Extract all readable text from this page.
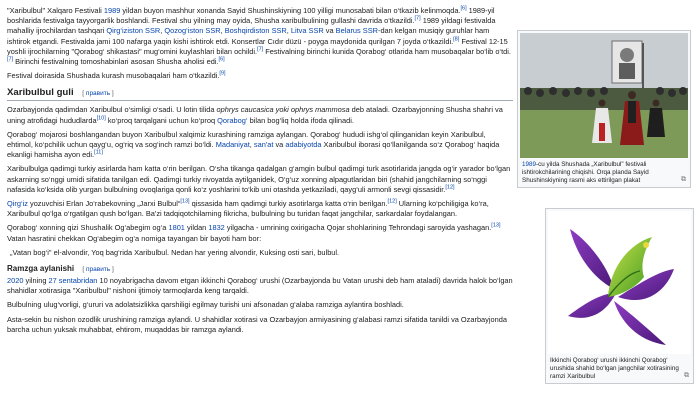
"Xaribulbul" Xalqaro Festivali 1989 yildan buyon mashhur xonanda Sayid Shushinskiyning 100 yilligi munosabati bilan o‘tkazib kelinmoqda.[6] 1989-yil boshlarida festivalga tayyorgarlik boshlandi. Festival shu yilning may oyida, Shusha xaribulbulining gullashi davrida o‘tkazildi.[7] 1989 yildagi festivalda mahalliy ijrochilardan tashqari Qirg‘iziston SSR, Qozog‘iston SSR, Boshqirdiston SSR, Litva SSR va Belarus SSR-dan kelgan musiqiy guruhlar ham ishtirok etgandi. Festivalda jami 100 nafarga yaqin kishi ishtirok etdi. Konsertlar Cıdır düzü - poyga maydonida qurilgan 7 joyda o‘tkazildi.[8] Festival 12-15 yoshli ijrochilarning "Qorabog‘ shikastasi" mug‘omini kuylashlari bilan ochildi.[7] Festivalning birinchi kunida Qorabog‘ otlarida ham musobaqalar bo‘lib o‘tdi.[7] Birinchi festivalning tomoshabinlari asosan Shusha aholisi edi.[6]

Festival doirasida Shushada kurash musobaqalari ham o‘tkazildi.[9]

Xaribulbul guli [ править ]

Ozarbayjonda qadimdan Xaribulbul o‘simligi o‘sadi. U lotin tilida ophrys caucasica yoki ophrys mammosa deb ataladi. Ozarbayjonning Shusha shahri va uning atrofidagi hududlarda[10] ko‘proq tarqalgani uchun ko‘proq Qorabog‘ bilan bog‘liq holda ifoda qilinadi.

Qorabog‘ mojarosi boshlangandan buyon Xaribulbul xalqimiz kurashining ramziga aylangan. Qorabog‘ hududi ishg‘ol qilinganidan keyin Xaribulbul, ehtimol, ko‘pchilik uchun qayg‘u, og‘riq va sog‘inch ramzi bo‘ldi. Madaniyat, san'at va adabiyotda Xaribulbul iborasi qo‘llanilganda so‘z Qorabog‘ haqida ekanligi hamisha ayon edi.[11]

Xaribulbulga qadimgi turkiy asirlarda ham katta o‘rin berilgan. O‘sha tikanga qadalgan g‘amgin bulbul qadimgi turk asotirlarida jangda og‘ir yarador bo‘lgan askarning so‘nggi umidi sifatida tanilgan edi. Qadimgi turkiy rivoyatda aytilganidek, O‘g‘uz xonning alpagutlaridan biri (shahid jangchilarning so‘nggi nafasida ko‘ksida olib yurgan bulbulning ovoqlariga qonli ko‘z yoshlarini to‘kib uni otashda yetkaziladi, qayg‘uli armonli sevgi qissasidir.[12]

Qirg‘iz yozuvchisi Erlan Jo‘rabekovning „Jarxi Bulbul“[13] qissasida ham qadimgi turkiy asotirlarga katta o‘rin berilgan.[12] Ularning ko‘pchiligiga ko‘ra, Xaribulbul qo‘lga o‘rgatilgan qush bo‘lgan. Ba'zi tadqiqotchilarning fikricha, bulbulning bu turidan faqat jangchilar, sarkardalar foydalangan.

Qorabog‘ xonning qizi Shushalik Og‘abegim og‘a 1801 yildan 1832 yilgacha - umrining oxirigacha Qojar shohlarining Tehrondagi saroyida yashagan.[13] Vatan hasratini chekkan Og‘abegim og‘a nomiga tayangan bir bayoti ham bor:

„Vatan bog‘i" el-alvondir, Yoq bag‘rida Xaribulbul. Nedan har yering alvondir, Kuksing osti sari, bulbul.

Ramzga aylanishi [ править ]

2020 yilning 27 sentabridan 10 noyabrigacha davom etgan ikkinchi Qorabog‘ urushi (Ozarbayjonda bu Vatan urushi deb ham ataladi) davrida halok bo‘lgan shahidlar xotirasiga "Xaribulbul" nishoni ijtimoiy tarmoqlarda keng tarqaldi.

Bulbulning ulug‘vorligi, g‘ururi va adolatsizlikka qarshiligi egilmay turishi uni afsonadan g‘alaba ramziga aylantira boshladi.

Asta-sekin bu nishon ozodlik urushining ramziga aylandi. U shahidlar xotirasi va Ozarbayjon armiyasining g‘alabasi ramzi sifatida tanildi va Ozarbayjonda barcha uchun yuksak muhabbat, ehtirom, muqaddas bir ramzga aylandi.

1989-cu yilda Shushada „Xaribulbul" festivali ishtirokchilarining chiqishi. Orqa planda Sayid Shushinskiyning rasmi aks ettirilgan plakat	⧉
Ikkinchi Qorabog‘ urushi ikkinchi Qorabog‘ urushida shahid bo‘lgan jangchilar xotirasining ramzi Xaribulbul	⧉
